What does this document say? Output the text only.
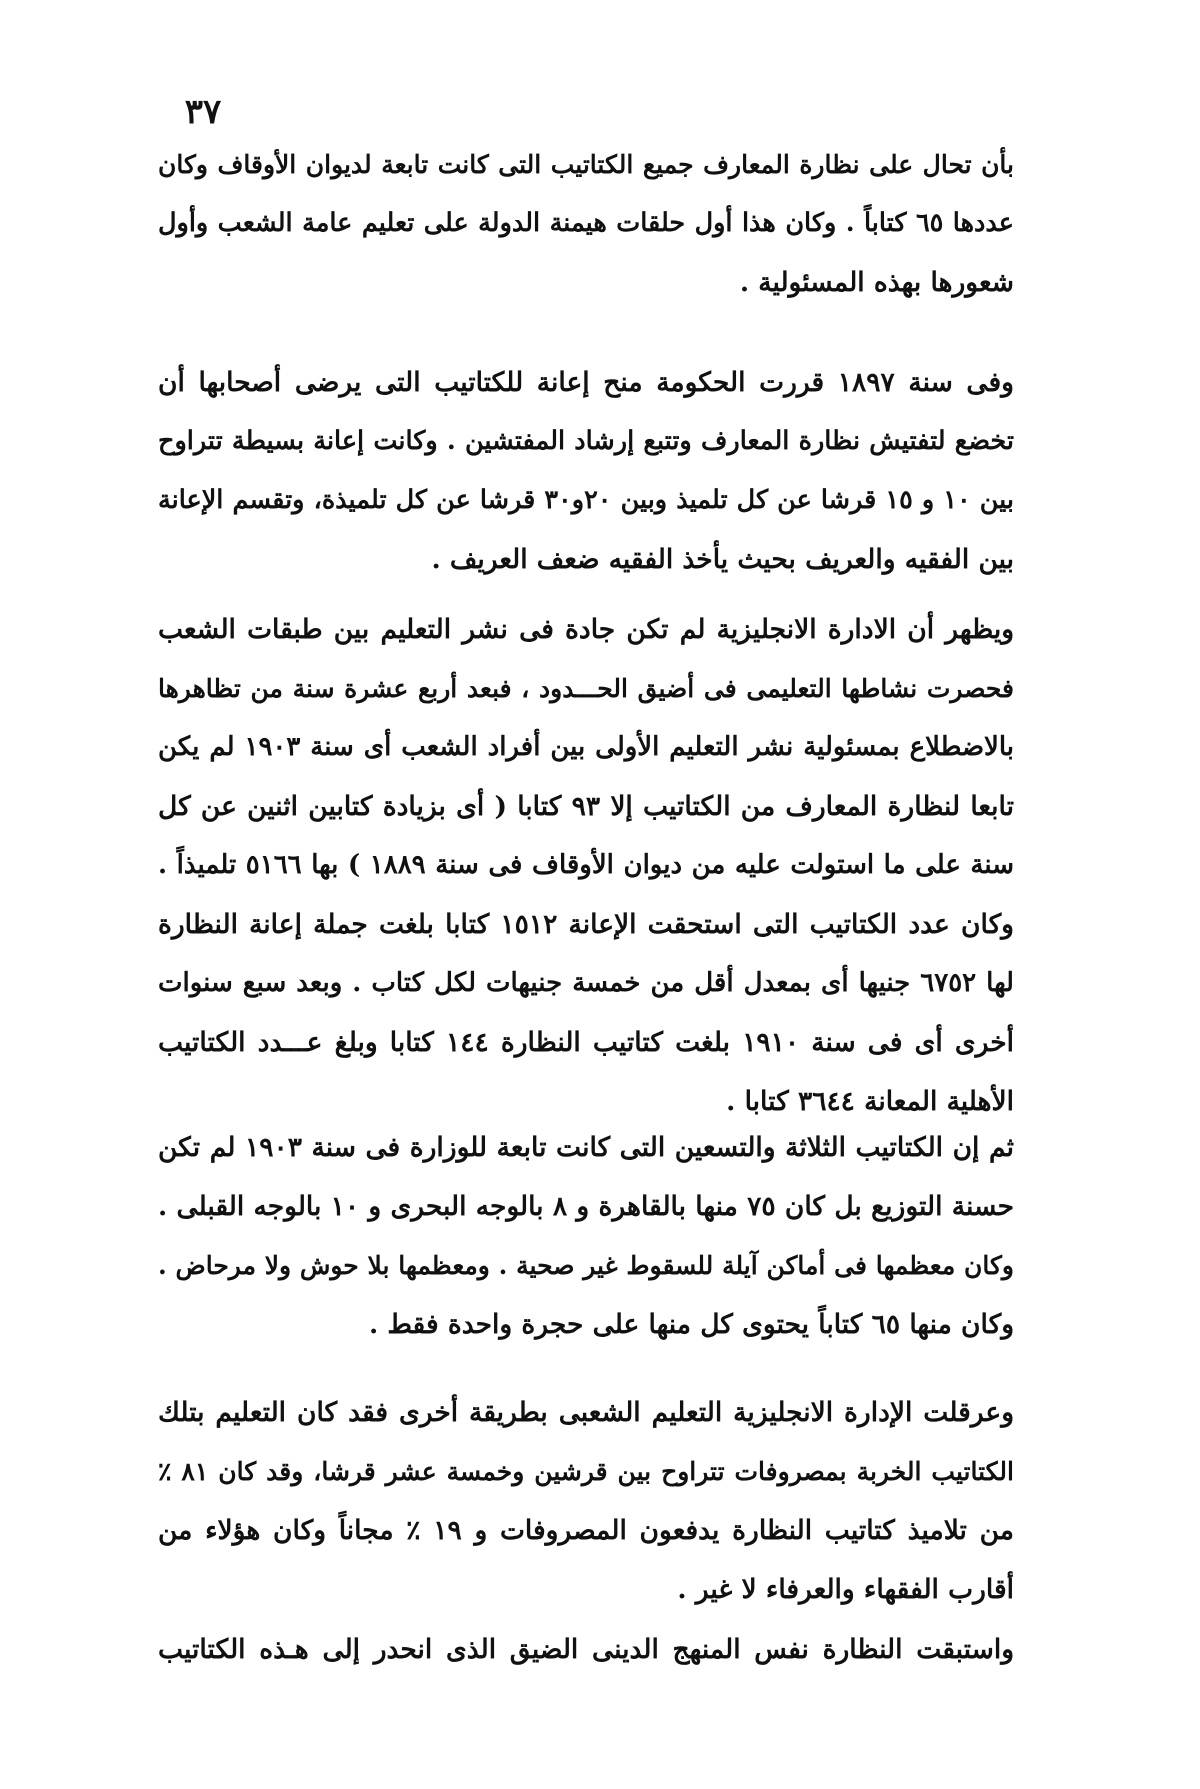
٣٧
بأن تحال على نظارة المعارف جميع الكتاتيب التى كانت تابعة لديوان الأوقاف وكان
عددها ٦٥ كتاباً . وكان هذا أول حلقات هيمنة الدولة على تعليم عامة الشعب وأول
شعورها بهذه المسئولية .
وفى سنة ١٨٩٧ قررت الحكومة منح إعانة للكتاتيب التى يرضى أصحابها أن
تخضع لتفتيش نظارة المعارف وتتبع إرشاد المفتشين . وكانت إعانة بسيطة تتراوح
بين ١٠ و ١٥ قرشا عن كل تلميذ وبين ٢٠و٣٠ قرشا عن كل تلميذة، وتقسم الإعانة
بين الفقيه والعريف بحيث يأخذ الفقيه ضعف العريف .
ويظهر أن الادارة الانجليزية لم تكن جادة فى نشر التعليم بين طبقات الشعب
فحصرت نشاطها التعليمى فى أضيق الحـــدود ، فبعد أربع عشرة سنة من تظاهرها
بالاضطلاع بمسئولية نشر التعليم الأولى بين أفراد الشعب أى سنة ١٩٠٣ لم يكن
تابعا لنظارة المعارف من الكتاتيب إلا ٩٣ كتابا ( أى بزيادة كتابين اثنين عن كل
سنة على ما استولت عليه من ديوان الأوقاف فى سنة ١٨٨٩ ) بها ٥١٦٦ تلميذاً .
وكان عدد الكتاتيب التى استحقت الإعانة ١٥١٢ كتابا بلغت جملة إعانة النظارة
لها ٦٧٥٢ جنيها أى بمعدل أقل من خمسة جنيهات لكل كتاب . وبعد سبع سنوات
أخرى أى فى سنة ١٩١٠ بلغت كتاتيب النظارة ١٤٤ كتابا وبلغ عـــدد الكتاتيب
الأهلية المعانة ٣٦٤٤ كتابا .
ثم إن الكتاتيب الثلاثة والتسعين التى كانت تابعة للوزارة فى سنة ١٩٠٣ لم تكن
حسنة التوزيع بل كان ٧٥ منها بالقاهرة و ٨ بالوجه البحرى و ١٠ بالوجه القبلى .
وكان معظمها فى أماكن آيلة للسقوط غير صحية . ومعظمها بلا حوش ولا مرحاض .
وكان منها ٦٥ كتاباً يحتوى كل منها على حجرة واحدة فقط .
وعرقلت الإدارة الانجليزية التعليم الشعبى بطريقة أخرى فقد كان التعليم بتلك
الكتاتيب الخربة بمصروفات تتراوح بين قرشين وخمسة عشر قرشا، وقد كان ٨١ ٪
من تلاميذ كتاتيب النظارة يدفعون المصروفات و ١٩ ٪ مجاناً وكان هؤلاء من
أقارب الفقهاء والعرفاء لا غير .
واستبقت النظارة نفس المنهج الدينى الضيق الذى انحدر إلى هـذه الكتاتيب
